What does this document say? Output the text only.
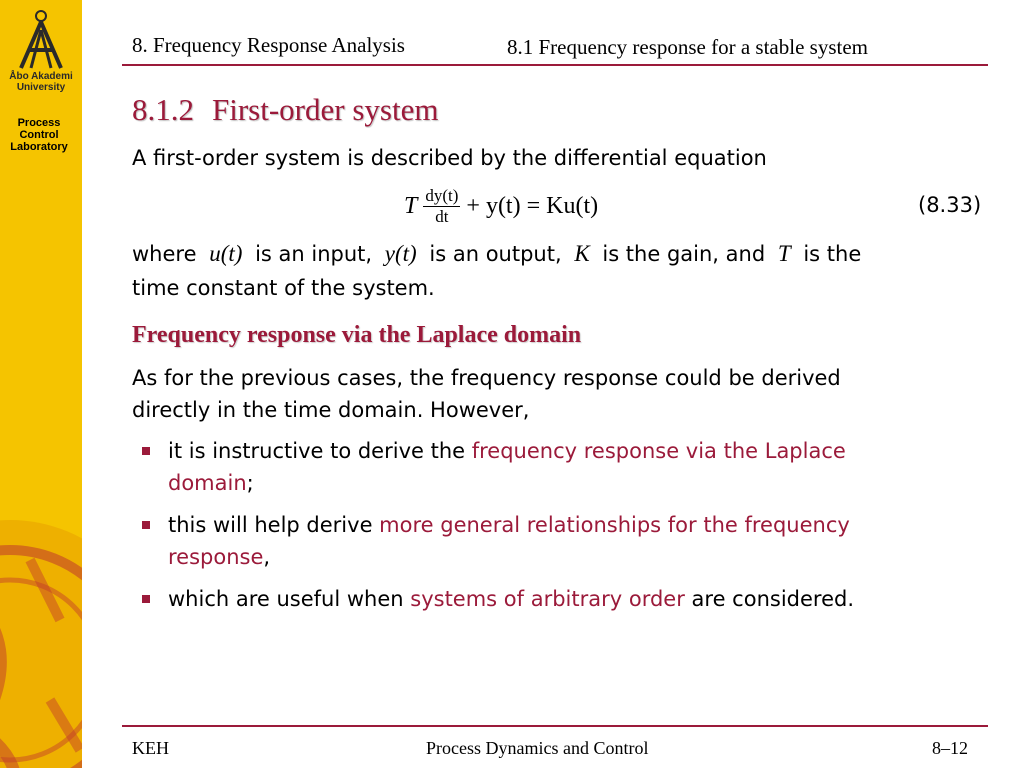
Åbo Akademi
University
Process
Control
Laboratory
8. Frequency Response Analysis	8.1 Frequency response for a stable system
8.1.2 First-order system
A first-order system is described by the differential equation
T $\frac{dy(t)}{dt} + y(t) = Ku(t)$	(8.33)
where u(t) is an input, y(t) is an output, K is the gain, and T is the
time constant of the system.
Frequency response via the Laplace domain
As for the previous cases, the frequency response could be derived
directly in the time domain. However,
it is instructive to derive the frequency response via the Laplace domain;
this will help derive more general relationships for the frequency response,
which are useful when systems of arbitrary order are considered.
KEH	Process Dynamics and Control	8–12
